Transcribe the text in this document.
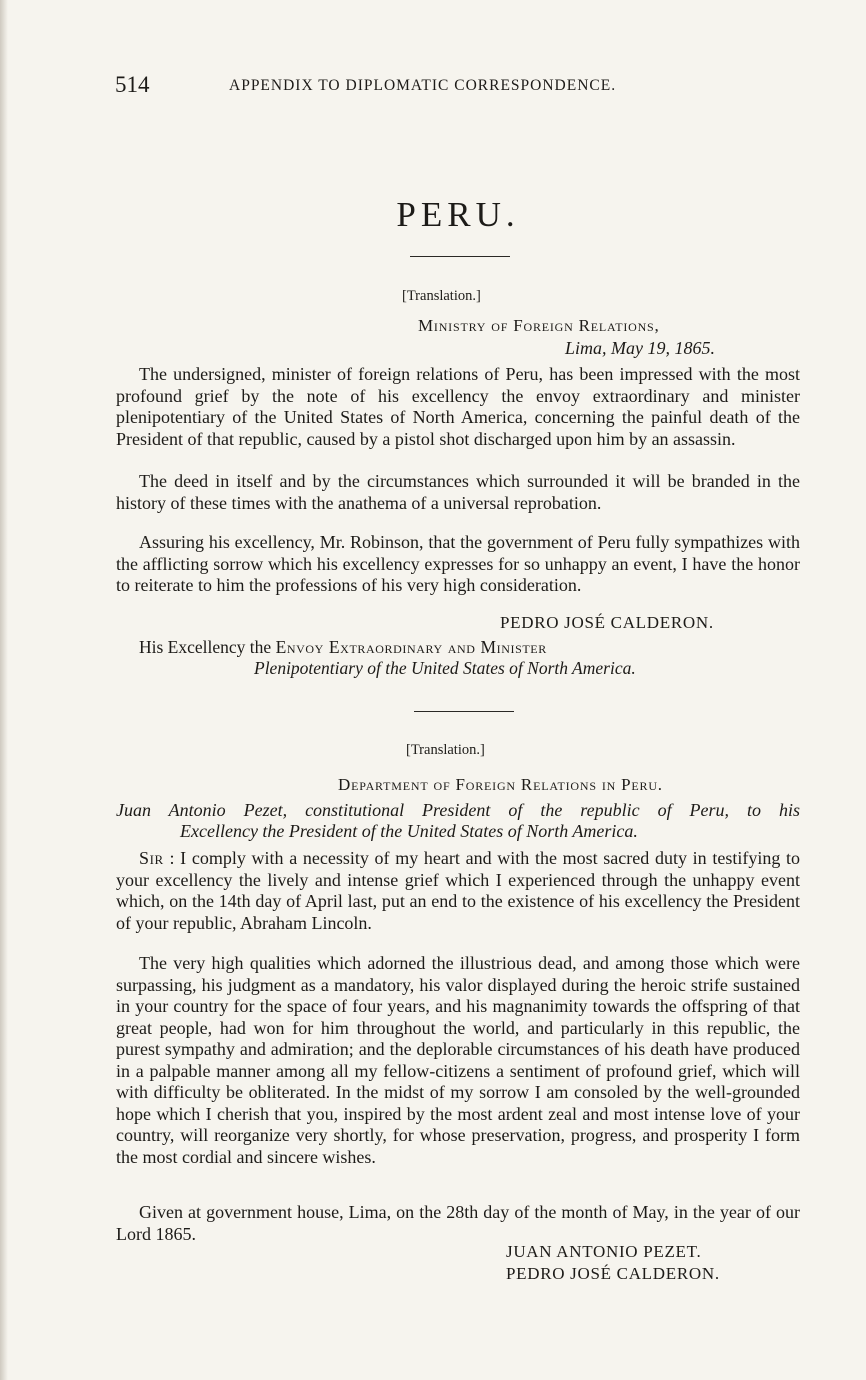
514	APPENDIX TO DIPLOMATIC CORRESPONDENCE.
PERU.
[Translation.]
Ministry of Foreign Relations,
Lima, May 19, 1865.
The undersigned, minister of foreign relations of Peru, has been impressed with the most profound grief by the note of his excellency the envoy extraordinary and minister plenipotentiary of the United States of North America, concerning the painful death of the President of that republic, caused by a pistol shot discharged upon him by an assassin.
The deed in itself and by the circumstances which surrounded it will be branded in the history of these times with the anathema of a universal reprobation.
Assuring his excellency, Mr. Robinson, that the government of Peru fully sympathizes with the afflicting sorrow which his excellency expresses for so unhappy an event, I have the honor to reiterate to him the professions of his very high consideration.
PEDRO JOSÉ CALDERON.
His Excellency the Envoy Extraordinary and Minister
Plenipotentiary of the United States of North America.
[Translation.]
Department of Foreign Relations in Peru.
Juan Antonio Pezet, constitutional President of the republic of Peru, to his
Excellency the President of the United States of North America.
Sir : I comply with a necessity of my heart and with the most sacred duty in testifying to your excellency the lively and intense grief which I experienced through the unhappy event which, on the 14th day of April last, put an end to the existence of his excellency the President of your republic, Abraham Lincoln.
The very high qualities which adorned the illustrious dead, and among those which were surpassing, his judgment as a mandatory, his valor displayed during the heroic strife sustained in your country for the space of four years, and his magnanimity towards the offspring of that great people, had won for him throughout the world, and particularly in this republic, the purest sympathy and admiration; and the deplorable circumstances of his death have produced in a palpable manner among all my fellow-citizens a sentiment of profound grief, which will with difficulty be obliterated. In the midst of my sorrow I am consoled by the well-grounded hope which I cherish that you, inspired by the most ardent zeal and most intense love of your country, will reorganize very shortly, for whose preservation, progress, and prosperity I form the most cordial and sincere wishes.
Given at government house, Lima, on the 28th day of the month of May, in the year of our Lord 1865.
JUAN ANTONIO PEZET.
PEDRO JOSÉ CALDERON.
